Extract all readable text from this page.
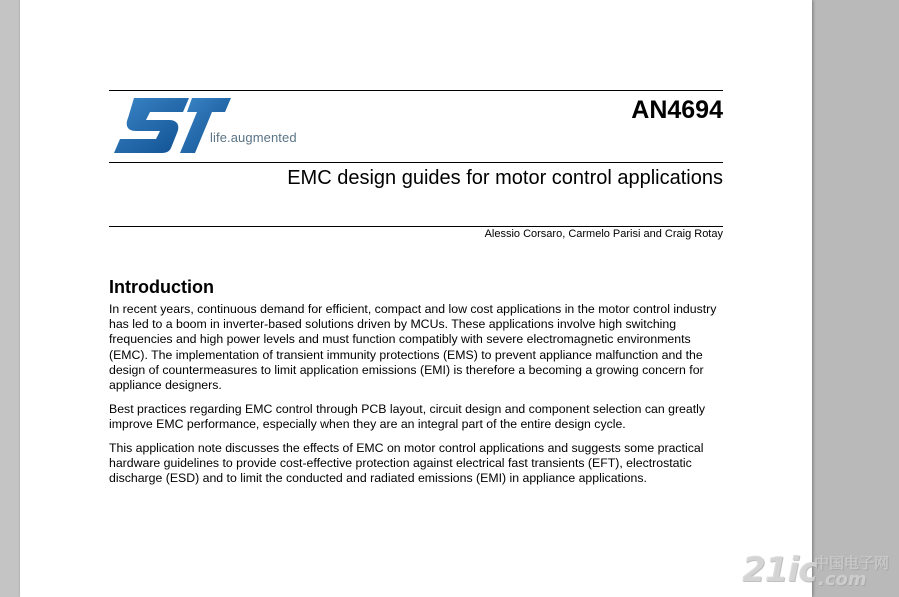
life.augmented
AN4694
EMC design guides for motor control applications
Alessio Corsaro, Carmelo Parisi and Craig Rotay
Introduction

In recent years, continuous demand for efficient, compact and low cost applications in the motor control industry has led to a boom in inverter-based solutions driven by MCUs. These applications involve high switching frequencies and high power levels and must function compatibly with severe electromagnetic environments (EMC). The implementation of transient immunity protections (EMS) to prevent appliance malfunction and the design of countermeasures to limit application emissions (EMI) is therefore a becoming a growing concern for appliance designers.

Best practices regarding EMC control through PCB layout, circuit design and component selection can greatly improve EMC performance, especially when they are an integral part of the entire design cycle.

This application note discusses the effects of EMC on motor control applications and suggests some practical hardware guidelines to provide cost-effective protection against electrical fast transients (EFT), electrostatic discharge (ESD) and to limit the conducted and radiated emissions (EMI) in appliance applications.

21ic
中国电子网
.com
